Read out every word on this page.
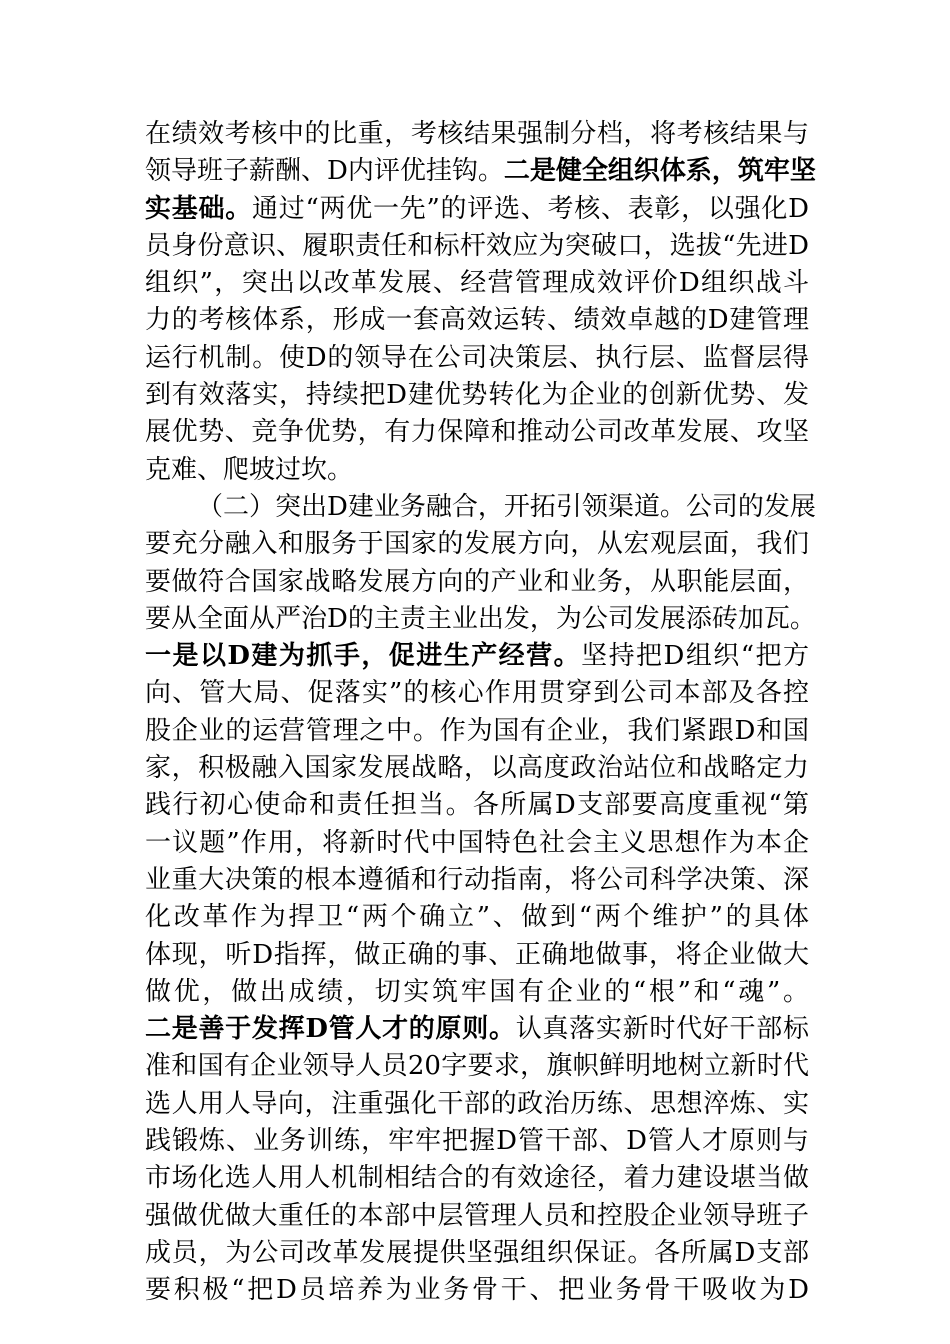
在绩效考核中的比重，考核结果强制分档，将考核结果与
领导班子薪酬、D内评优挂钩。二是健全组织体系，筑牢坚
实基础。通过“两优一先”的评选、考核、表彰，以强化D
员身份意识、履职责任和标杆效应为突破口，选拔“先进D
组织”，突出以改革发展、经营管理成效评价D组织战斗
力的考核体系，形成一套高效运转、绩效卓越的D建管理
运行机制。使D的领导在公司决策层、执行层、监督层得
到有效落实，持续把D建优势转化为企业的创新优势、发
展优势、竞争优势，有力保障和推动公司改革发展、攻坚
克难、爬坡过坎。
（二）突出D建业务融合，开拓引领渠道。公司的发展
要充分融入和服务于国家的发展方向，从宏观层面，我们
要做符合国家战略发展方向的产业和业务，从职能层面，
要从全面从严治D的主责主业出发，为公司发展添砖加瓦。
一是以D建为抓手，促进生产经营。坚持把D组织“把方
向、管大局、促落实”的核心作用贯穿到公司本部及各控
股企业的运营管理之中。作为国有企业，我们紧跟D和国
家，积极融入国家发展战略，以高度政治站位和战略定力
践行初心使命和责任担当。各所属D支部要高度重视“第
一议题”作用，将新时代中国特色社会主义思想作为本企
业重大决策的根本遵循和行动指南，将公司科学决策、深
化改革作为捍卫“两个确立”、做到“两个维护”的具体
体现，听D指挥，做正确的事、正确地做事，将企业做大
做优，做出成绩，切实筑牢国有企业的“根”和“魂”。
二是善于发挥D管人才的原则。认真落实新时代好干部标
准和国有企业领导人员20字要求，旗帜鲜明地树立新时代
选人用人导向，注重强化干部的政治历练、思想淬炼、实
践锻炼、业务训练，牢牢把握D管干部、D管人才原则与
市场化选人用人机制相结合的有效途径，着力建设堪当做
强做优做大重任的本部中层管理人员和控股企业领导班子
成员，为公司改革发展提供坚强组织保证。各所属D支部
要积极“把D员培养为业务骨干、把业务骨干吸收为D
